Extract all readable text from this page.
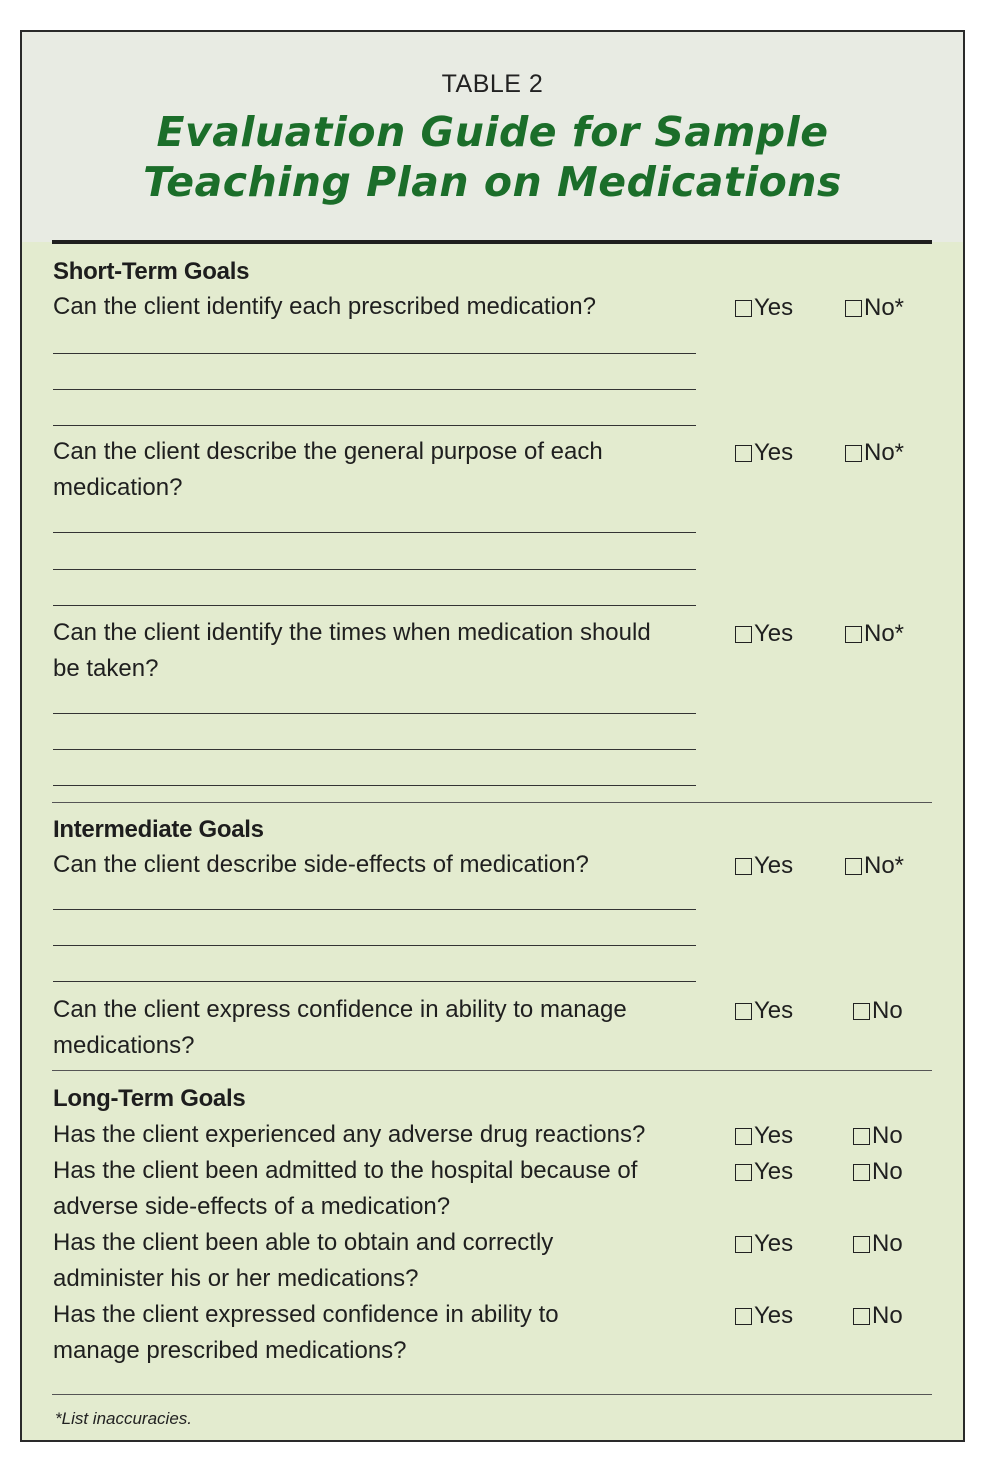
TABLE 2
Evaluation Guide for Sample
Teaching Plan on Medications
Short-Term Goals
Can the client identify each prescribed medication?	Yes	No*
Can the client describe the general purpose of each
medication?
Yes	No*
Can the client identify the times when medication should
be taken?
Yes	No*
Intermediate Goals
Can the client describe side-effects of medication?	Yes	No*
Can the client express confidence in ability to manage
medications?
Yes	No
Long-Term Goals
Has the client experienced any adverse drug reactions?	Yes	No
Has the client been admitted to the hospital because of
adverse side-effects of a medication?
Yes	No
Has the client been able to obtain and correctly
administer his or her medications?
Yes	No
Has the client expressed confidence in ability to
manage prescribed medications?
Yes	No
*List inaccuracies.
